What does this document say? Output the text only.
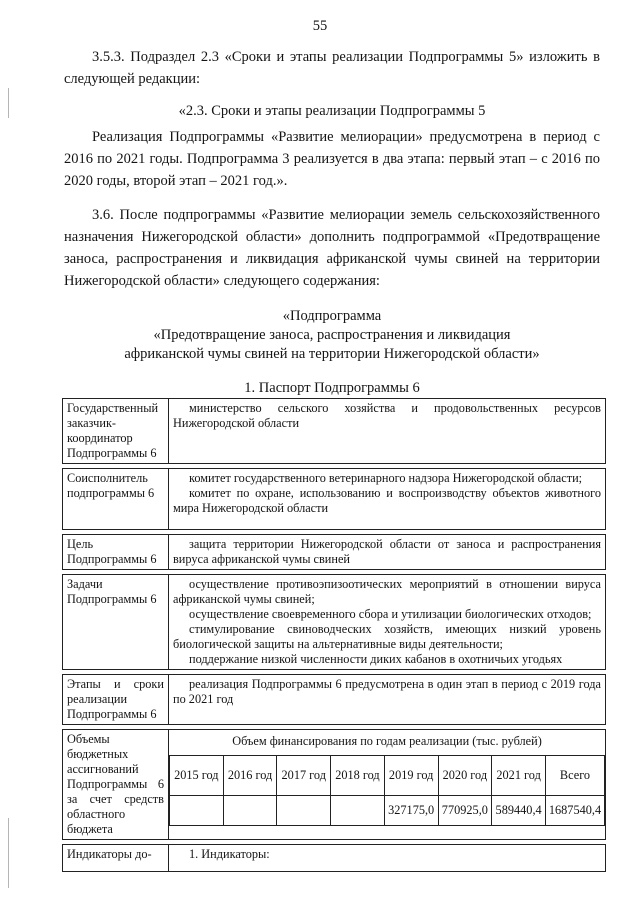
55

3.5.3. Подраздел 2.3 «Сроки и этапы реализации Подпрограммы 5» изложить в следующей редакции:

«2.3. Сроки и этапы реализации Подпрограммы 5

Реализация Подпрограммы «Развитие мелиорации» предусмотрена в период с 2016 по 2021 годы. Подпрограмма 3 реализуется в два этапа: первый этап – с 2016 по 2020 годы, второй этап – 2021 год.».

3.6. После подпрограммы «Развитие мелиорации земель сельскохозяйственного назначения Нижегородской области» дополнить подпрограммой «Предотвращение заноса, распространения и ликвидация африканской чумы свиней на территории Нижегородской области» следующего содержания:

«Подпрограмма
«Предотвращение заноса, распространения и ликвидация
африканской чумы свиней на территории Нижегородской области»
1. Паспорт Подпрограммы 6
Государственный заказчик-координатор Подпрограммы 6	
министерство сельского хозяйства и продовольственных ресурсов Нижегородской области

Соисполнитель подпрограммы 6	
комитет государственного ветеринарного надзора Нижегородской области;
комитет по охране, использованию и воспроизводству объектов животного мира Нижегородской области

Цель Подпрограммы 6	
защита территории Нижегородской области от заноса и распространения вируса африканской чумы свиней

Задачи Подпрограммы 6	
осуществление противоэпизоотических мероприятий в отношении вируса африканской чумы свиней;
осуществление своевременного сбора и утилизации биологических отходов;
стимулирование свиноводческих хозяйств, имеющих низкий уровень биологической защиты на альтернативные виды деятельности;
поддержание низкой численности диких кабанов в охотничьих угодьях

Этапы и сроки реализации Подпрограммы 6	
реализация Подпрограммы 6 предусмотрена в один этап в период с 2019 года по 2021 год

Объемы бюджетных ассигнований Подпрограммы 6 за счет средств областного бюджета	
Объем финансирования по годам реализации (тыс. рублей)
2015 год	2016 год	2017 год	2018 год	2019 год	2020 год	2021 год	Всего
				327175,0	770925,0	589440,4	1687540,4

Индикаторы до-	1. Индикаторы:
